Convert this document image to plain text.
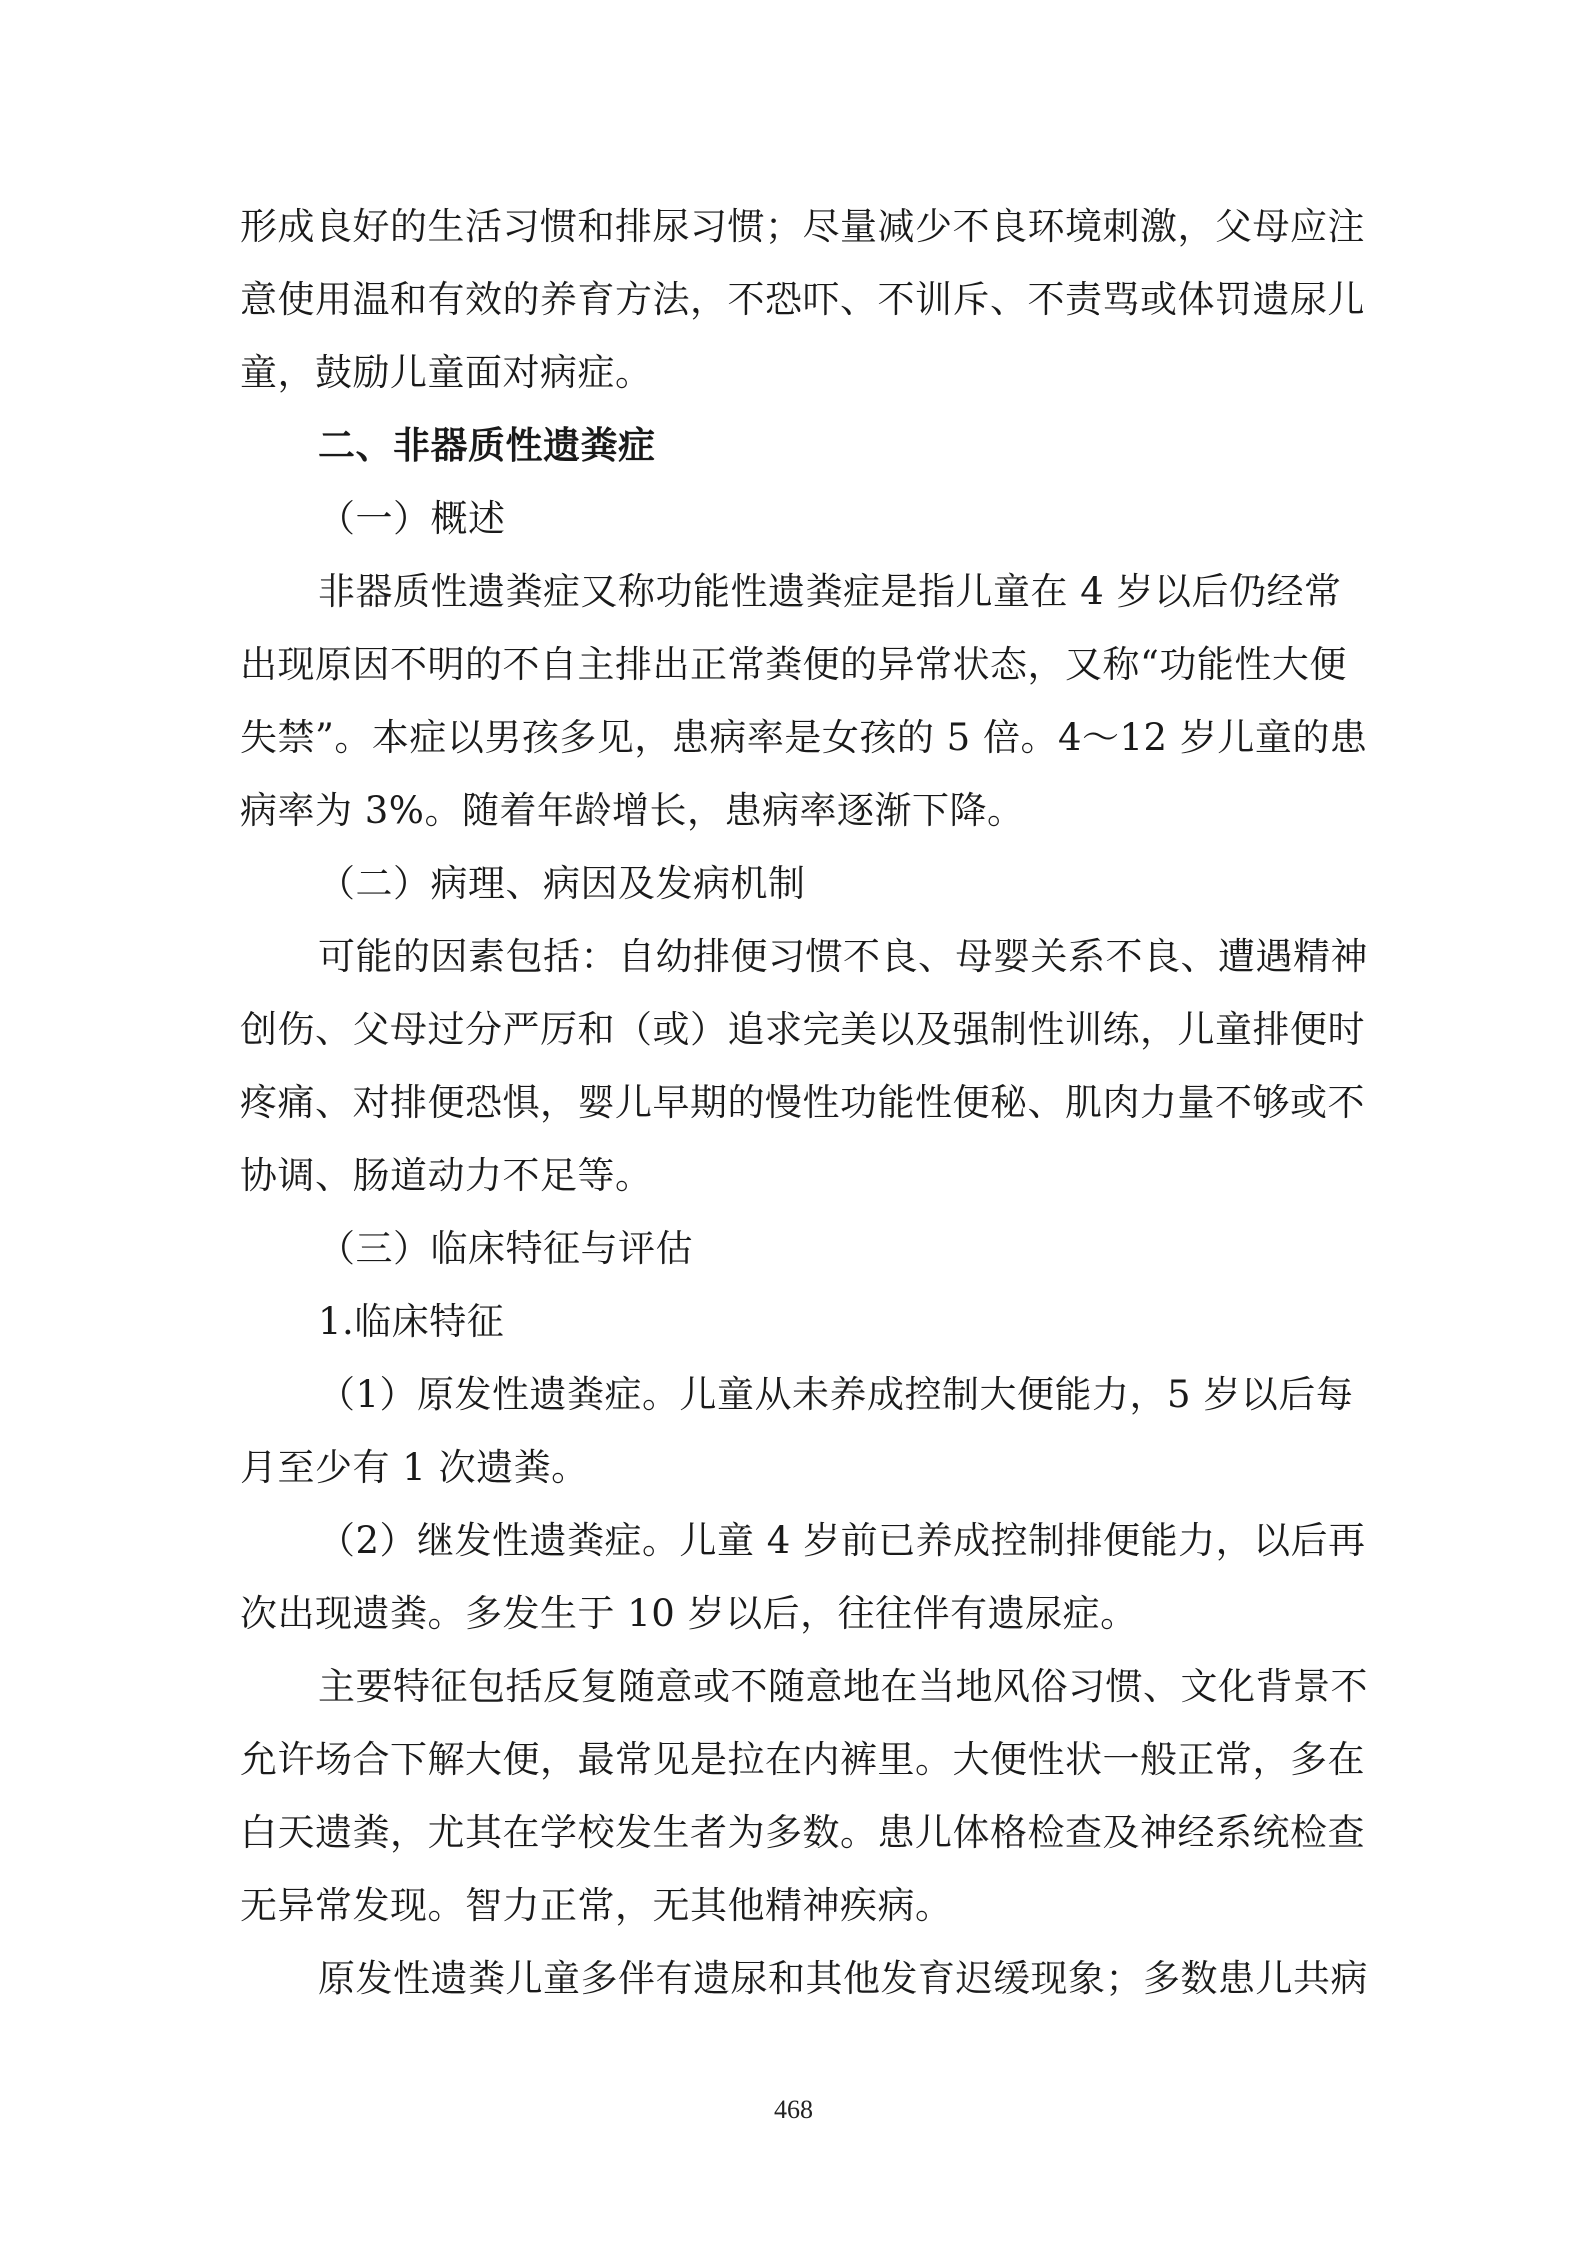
形成良好的生活习惯和排尿习惯；尽量减少不良环境刺激，父母应注
意使用温和有效的养育方法，不恐吓、不训斥、不责骂或体罚遗尿儿
童，鼓励儿童面对病症。
二、非器质性遗粪症
（一）概述
非器质性遗粪症又称功能性遗粪症是指儿童在 4 岁以后仍经常
出现原因不明的不自主排出正常粪便的异常状态，又称“功能性大便
失禁”。本症以男孩多见，患病率是女孩的 5 倍。4～12 岁儿童的患
病率为 3%。随着年龄增长，患病率逐渐下降。
（二）病理、病因及发病机制
可能的因素包括：自幼排便习惯不良、母婴关系不良、遭遇精神
创伤、父母过分严厉和（或）追求完美以及强制性训练，儿童排便时
疼痛、对排便恐惧，婴儿早期的慢性功能性便秘、肌肉力量不够或不
协调、肠道动力不足等。
（三）临床特征与评估
1.临床特征
（1）原发性遗粪症。儿童从未养成控制大便能力，5 岁以后每
月至少有 1 次遗粪。
（2）继发性遗粪症。儿童 4 岁前已养成控制排便能力，以后再
次出现遗粪。多发生于 10 岁以后，往往伴有遗尿症。
主要特征包括反复随意或不随意地在当地风俗习惯、文化背景不
允许场合下解大便，最常见是拉在内裤里。大便性状一般正常，多在
白天遗粪，尤其在学校发生者为多数。患儿体格检查及神经系统检查
无异常发现。智力正常，无其他精神疾病。
原发性遗粪儿童多伴有遗尿和其他发育迟缓现象；多数患儿共病
468
